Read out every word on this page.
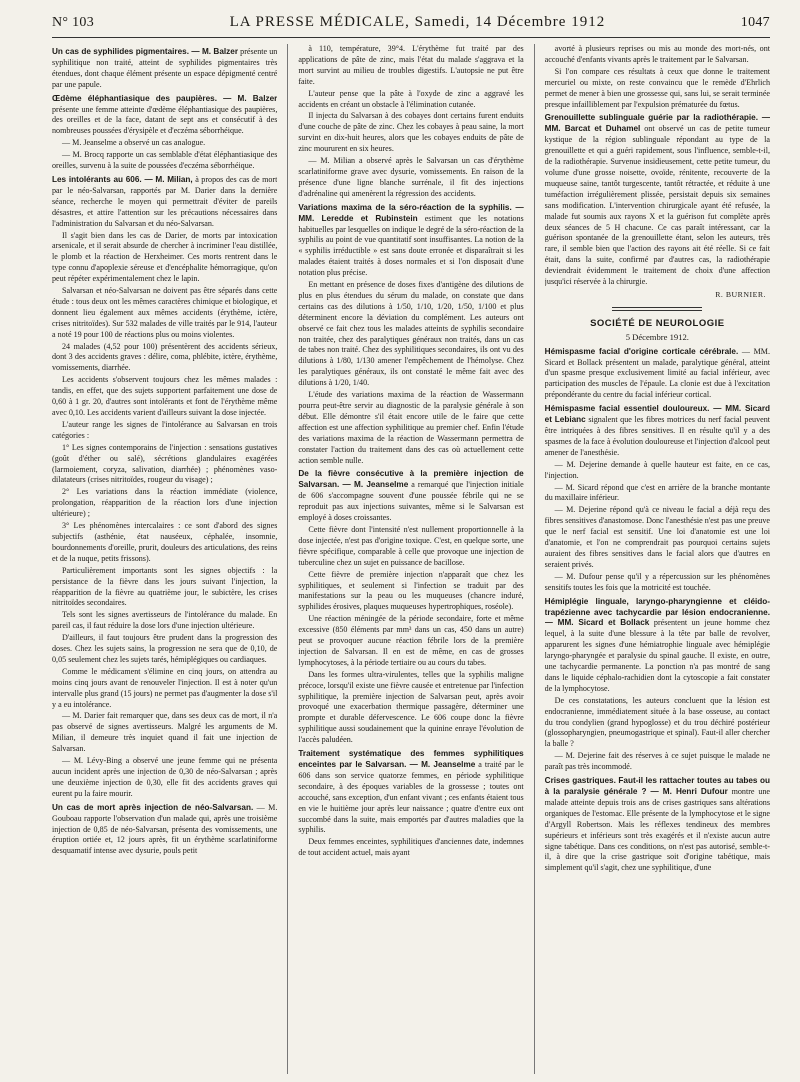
N° 103	LA PRESSE MÉDICALE, Samedi, 14 Décembre 1912	1047

Un cas de syphilides pigmentaires. — M. Balzer présente un syphilitique non traité, atteint de syphilides pigmentaires très étendues, dont chaque élément présente un espace dépigmenté centré par une papule.

Œdème éléphantiasique des paupières. — M. Balzer présente une femme atteinte d'œdème éléphantiasique des paupières, des oreilles et de la face, datant de sept ans et consécutif à des nombreuses poussées d'érysipèle et d'eczéma séborrhéique.

— M. Jeanselme a observé un cas analogue.

— M. Brocq rapporte un cas semblable d'état éléphantiasique des oreilles, survenu à la suite de poussées d'eczéma séborrhéique.

Les intolérants au 606. — M. Milian, à propos des cas de mort par le néo-Salvarsan, rapportés par M. Darier dans la dernière séance, recherche le moyen qui permettrait d'éviter de pareils désastres, et attire l'attention sur les précautions nécessaires dans l'administration du Salvarsan et du néo-Salvarsan.

Il s'agit bien dans les cas de Darier, de morts par intoxication arsenicale, et il serait absurde de chercher à incriminer l'eau distillée, le plomb et la réaction de Herxheimer. Ces morts rentrent dans le type connu d'apoplexie séreuse et d'encéphalite hémorragique, qu'on peut répéter expérimentalement chez le lapin.

Salvarsan et néo-Salvarsan ne doivent pas être séparés dans cette étude : tous deux ont les mêmes caractères chimique et biologique, et donnent lieu également aux mêmes accidents (érythème, ictère, crises nitritoïdes). Sur 532 malades de ville traités par le 914, l'auteur a noté 19 pour 100 de réactions plus ou moins violentes.

24 malades (4,52 pour 100) présentèrent des accidents sérieux, dont 3 des accidents graves : délire, coma, phlébite, ictère, érythème, vomissements, diarrhée.

Les accidents s'observent toujours chez les mêmes malades : tandis, en effet, que des sujets supportent parfaitement une dose de 0,60 à 1 gr. 20, d'autres sont intolérants et font de l'érythème même avec 0,10. Les accidents varient d'ailleurs suivant la dose injectée.

L'auteur range les signes de l'intolérance au Salvarsan en trois catégories :

1° Les signes contemporains de l'injection : sensations gustatives (goût d'éther ou salé), sécrétions glandulaires exagérées (larmoiement, coryza, salivation, diarrhée) ; phénomènes vaso-dilatateurs (crises nitritoïdes, rougeur du visage) ;

2° Les variations dans la réaction immédiate (violence, prolongation, réapparition de la réaction lors d'une injection ultérieure) ;

3° Les phénomènes intercalaires : ce sont d'abord des signes subjectifs (asthénie, état nauséeux, céphalée, insomnie, bourdonnements d'oreille, prurit, douleurs des articulations, des reins et de la nuque, petits frissons).

Particulièrement importants sont les signes objectifs : la persistance de la fièvre dans les jours suivant l'injection, la réapparition de la fièvre au quatrième jour, le subictère, les crises nitritoïdes secondaires.

Tels sont les signes avertisseurs de l'intolérance du malade. En pareil cas, il faut réduire la dose lors d'une injection ultérieure.

D'ailleurs, il faut toujours être prudent dans la progression des doses. Chez les sujets sains, la progression ne sera que de 0,10, de 0,05 seulement chez les sujets tarés, hémiplégiques ou cardiaques.

Comme le médicament s'élimine en cinq jours, on attendra au moins cinq jours avant de renouveler l'injection. Il est à noter qu'un intervalle plus grand (15 jours) ne permet pas d'augmenter la dose s'il y a eu intolérance.

— M. Darier fait remarquer que, dans ses deux cas de mort, il n'a pas observé de signes avertisseurs. Malgré les arguments de M. Milian, il demeure très inquiet quand il fait une injection de Salvarsan.

— M. Lévy-Bing a observé une jeune femme qui ne présenta aucun incident après une injection de 0,30 de néo-Salvarsan ; après une deuxième injection de 0,30, elle fit des accidents graves qui eurent pu la faire mourir.

Un cas de mort après injection de néo-Salvarsan. — M. Gouboau rapporte l'observation d'un malade qui, après une troisième injection de 0,85 de néo-Salvarsan, présenta des vomissements, une éruption ortiée et, 12 jours après, fit un érythème scarlatiniforme desquamatif intense avec dysurie, pouls petit

à 110, température, 39°4. L'érythème fut traité par des applications de pâte de zinc, mais l'état du malade s'aggrava et la mort survint au milieu de troubles digestifs. L'autopsie ne put être faite.

L'auteur pense que la pâte à l'oxyde de zinc a aggravé les accidents en créant un obstacle à l'élimination cutanée.

Il injecta du Salvarsan à des cobayes dont certains furent enduits d'une couche de pâte de zinc. Chez les cobayes à peau saine, la mort survint en dix-huit heures, alors que les cobayes enduits de pâte de zinc moururent en six heures.

— M. Milian a observé après le Salvarsan un cas d'érythème scarlatiniforme grave avec dysurie, vomissements. En raison de la présence d'une ligne blanche surrénale, il fit des injections d'adrénaline qui amenèrent la régression des accidents.

Variations maxima de la séro-réaction de la syphilis. — MM. Leredde et Rubinstein estiment que les notations habituelles par lesquelles on indique le degré de la séro-réaction de la syphilis au point de vue quantitatif sont insuffisantes. La notion de la « syphilis irréductible » est sans doute erronée et disparaîtrait si les malades étaient traités à doses normales et si l'on disposait d'une notation plus précise.

En mettant en présence de doses fixes d'antigène des dilutions de plus en plus étendues du sérum du malade, on constate que dans certains cas des dilutions à 1/50, 1/10, 1/20, 1/50, 1/100 et plus déterminent encore la déviation du complément. Les auteurs ont observé ce fait chez tous les malades atteints de syphilis secondaire non traitée, chez des paralytiques généraux non traités, dans un cas de tabes non traité. Chez des syphilitiques secondaires, ils ont vu des dilutions à 1/80, 1/130 amener l'empêchement de l'hémolyse. Chez les paralytiques généraux, ils ont constaté le même fait avec des dilutions à 1/20, 1/40.

L'étude des variations maxima de la réaction de Wassermann pourra peut-être servir au diagnostic de la paralysie générale à son début. Elle démontre s'il était encore utile de le faire que cette affection est une affection syphilitique au premier chef. Enfin l'étude des variations maxima de la réaction de Wassermann permettra de constater l'action du traitement dans des cas où actuellement cette action semble nulle.

De la fièvre consécutive à la première injection de Salvarsan. — M. Jeanselme a remarqué que l'injection initiale de 606 s'accompagne souvent d'une poussée fébrile qui ne se reproduit pas aux injections suivantes, même si le Salvarsan est employé à doses croissantes.

Cette fièvre dont l'intensité n'est nullement proportionnelle à la dose injectée, n'est pas d'origine toxique. C'est, en quelque sorte, une fièvre spécifique, comparable à celle que provoque une injection de tuberculine chez un sujet en puissance de bacillose.

Cette fièvre de première injection n'apparaît que chez les syphilitiques, et seulement si l'infection se traduit par des manifestations sur la peau ou les muqueuses (chancre induré, syphilides érosives, plaques muqueuses hypertrophiques, roséole).

Une réaction méningée de la période secondaire, forte et même excessive (850 éléments par mm³ dans un cas, 450 dans un autre) peut se provoquer aucune réaction fébrile lors de la première injection de Salvarsan. Il en est de même, en cas de grosses lymphocytoses, à la période tertiaire ou au cours du tabes.

Dans les formes ultra-virulentes, telles que la syphilis maligne précoce, lorsqu'il existe une fièvre causée et entretenue par l'infection syphilitique, la première injection de Salvarsan peut, après avoir provoqué une exacerbation thermique passagère, déterminer une prompte et durable défervescence. Le 606 coupe donc la fièvre syphilitique aussi soudainement que la quinine enraye l'évolution de l'accès paludéen.

Traitement systématique des femmes syphilitiques enceintes par le Salvarsan. — M. Jeanselme a traité par le 606 dans son service quatorze femmes, en période syphilitique secondaire, à des époques variables de la grossesse ; toutes ont accouché, sans exception, d'un enfant vivant ; ces enfants étaient tous en vie le huitième jour après leur naissance ; quatre d'entre eux ont succombé dans la suite, mais emportés par d'autres maladies que la syphilis.

Deux femmes enceintes, syphilitiques d'anciennes date, indemnes de tout accident actuel, mais ayant

avorté à plusieurs reprises ou mis au monde des mort-nés, ont accouché d'enfants vivants après le traitement par le Salvarsan.

Si l'on compare ces résultats à ceux que donne le traitement mercuriel ou mixte, on reste convaincu que le remède d'Ehrlich permet de mener à bien une grossesse qui, sans lui, se serait terminée presque infailliblement par l'expulsion prématurée du fœtus.

Grenouillette sublinguale guérie par la radiothérapie. — MM. Barcat et Duhamel ont observé un cas de petite tumeur kystique de la région sublinguale répondant au type de la grenouillette et qui a guéri rapidement, sous l'influence, semble-t-il, de la radiothérapie. Survenue insidieusement, cette petite tumeur, du volume d'une grosse noisette, ovoïde, rénitente, recouverte de la muqueuse saine, tantôt turgescente, tantôt rétractée, et réduite à une tuméfaction irrégulièrement plissée, persistait depuis six semaines sans modification. L'intervention chirurgicale ayant été refusée, la malade fut soumis aux rayons X et la guérison fut complète après deux séances de 5 H chacune. Ce cas paraît intéressant, car la guérison spontanée de la grenouillette étant, selon les auteurs, très rare, il semble bien que l'action des rayons ait été réelle. Si ce fait était, dans la suite, confirmé par d'autres cas, la radiothérapie deviendrait évidemment le traitement de choix d'une affection jusqu'ici réservée à la chirurgie.

R. BURNIER.
SOCIÉTÉ DE NEUROLOGIE
5 Décembre 1912.

Hémispasme facial d'origine corticale cérébrale. — MM. Sicard et Bollack présentent un malade, paralytique général, atteint d'un spasme presque exclusivement limité au facial inférieur, avec participation des muscles de l'épaule. La clonie est due à l'excitation prépondérante du centre du facial inférieur cortical.

Hémispasme facial essentiel douloureux. — MM. Sicard et Lebianc signalent que les fibres motrices du nerf facial peuvent être intriquées à des fibres sensitives. Il en résulte qu'il y a des spasmes de la face à évolution douloureuse et l'injection d'alcool peut amener de l'anesthésie.

— M. Dejerine demande à quelle hauteur est faite, en ce cas, l'injection.

— M. Sicard répond que c'est en arrière de la branche montante du maxillaire inférieur.

— M. Dejerine répond qu'à ce niveau le facial a déjà reçu des fibres sensitives d'anastomose. Donc l'anesthésie n'est pas une preuve que le nerf facial est sensitif. Une loi d'anatomie est une loi d'anatomie, et l'on ne comprendrait pas pourquoi certains sujets auraient des fibres sensitives dans le facial alors que d'autres en seraient privés.

— M. Dufour pense qu'il y a répercussion sur les phénomènes sensitifs toutes les fois que la motricité est touchée.

Hémiplégie linguale, laryngo-pharyngienne et cléido-trapézienne avec tachycardie par lésion endocranienne. — MM. Sicard et Bollack présentent un jeune homme chez lequel, à la suite d'une blessure à la tête par balle de revolver, apparurent les signes d'une hémiatrophie linguale avec hémiplégie laryngo-pharyngée et paralysie du spinal gauche. Il existe, en outre, une tachycardie permanente. La ponction n'a pas montré de sang dans le liquide céphalo-rachidien dont la cytoscopie a fait constater de la lymphocytose.

De ces constatations, les auteurs concluent que la lésion est endocranienne, immédiatement située à la base osseuse, au contact du trou condylien (grand hypoglosse) et du trou déchiré postérieur (glossopharyngien, pneumogastrique et spinal). Faut-il aller chercher la balle ?

— M. Dejerine fait des réserves à ce sujet puisque le malade ne paraît pas très incommodé.

Crises gastriques. Faut-il les rattacher toutes au tabes ou à la paralysie générale ? — M. Henri Dufour montre une malade atteinte depuis trois ans de crises gastriques sans altérations organiques de l'estomac. Elle présente de la lymphocytose et le signe d'Argyll Robertson. Mais les réflexes tendineux des membres supérieurs et inférieurs sont très exagérés et il n'existe aucun autre signe tabétique. Dans ces conditions, on n'est pas autorisé, semble-t-il, à dire que la crise gastrique soit d'origine tabétique, mais simplement qu'il s'agit, chez une syphilitique, d'une
